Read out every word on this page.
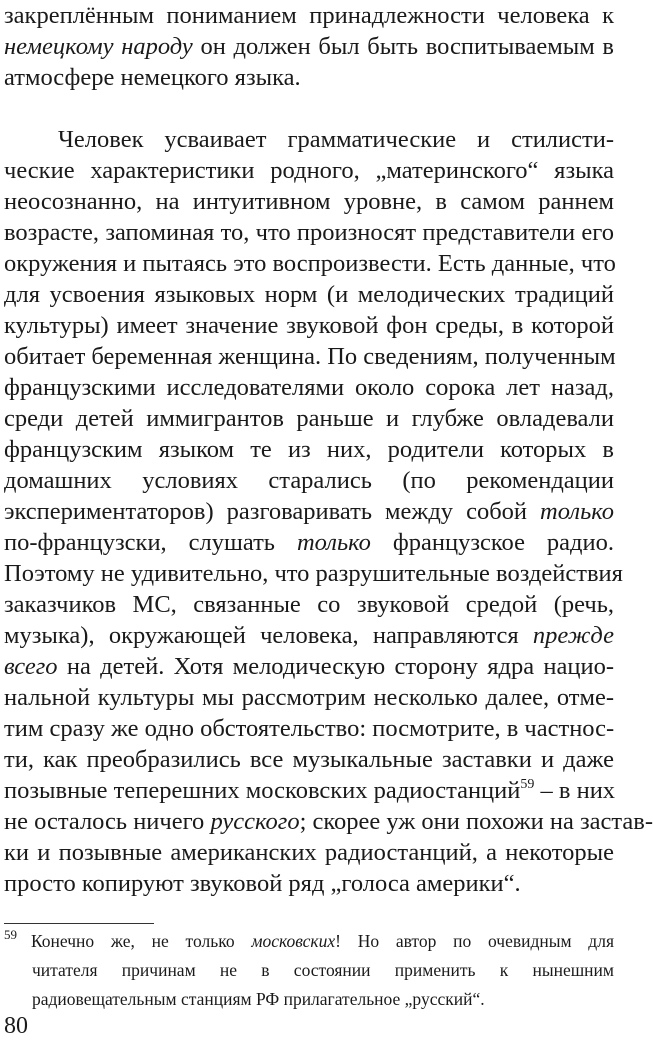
закреплённым пониманием принадлежности человека к
немецкому народу он должен был быть воспитываемым в
атмосфере немецкого языка.
Человек усваивает грамматические и стилисти-
ческие характеристики родного, „материнского“ языка
неосознанно, на интуитивном уровне, в самом раннем
возрасте, запоминая то, что произносят представители его
окружения и пытаясь это воспроизвести. Есть данные, что
для усвоения языковых норм (и мелодических традиций
культуры) имеет значение звуковой фон среды, в которой
обитает беременная женщина. По сведениям, полученным
французскими исследователями около сорока лет назад,
среди детей иммигрантов раньше и глубже овладевали
французским языком те из них, родители которых в
домашних условиях старались (по рекомендации
экспериментаторов) разговаривать между собой только
по-французски, слушать только французское радио.
Поэтому не удивительно, что разрушительные воздействия
заказчиков МС, связанные со звуковой средой (речь,
музыка), окружающей человека, направляются прежде
всего на детей. Хотя мелодическую сторону ядра нацио-
нальной культуры мы рассмотрим несколько далее, отме-
тим сразу же одно обстоятельство: посмотрите, в частнос-
ти, как преобразились все музыкальные заставки и даже
позывные теперешних московских радиостанций$^{59}$ – в них
не осталось ничего русского; скорее уж они похожи на застав-
ки и позывные американских радиостанций, а некоторые
просто копируют звуковой ряд „голоса америки“.
$^{59}$ Конечно же, не только московских! Но автор по очевидным для
читателя причинам не в состоянии применить к нынешним
радиовещательным станциям РФ прилагательное „русский“.
80
